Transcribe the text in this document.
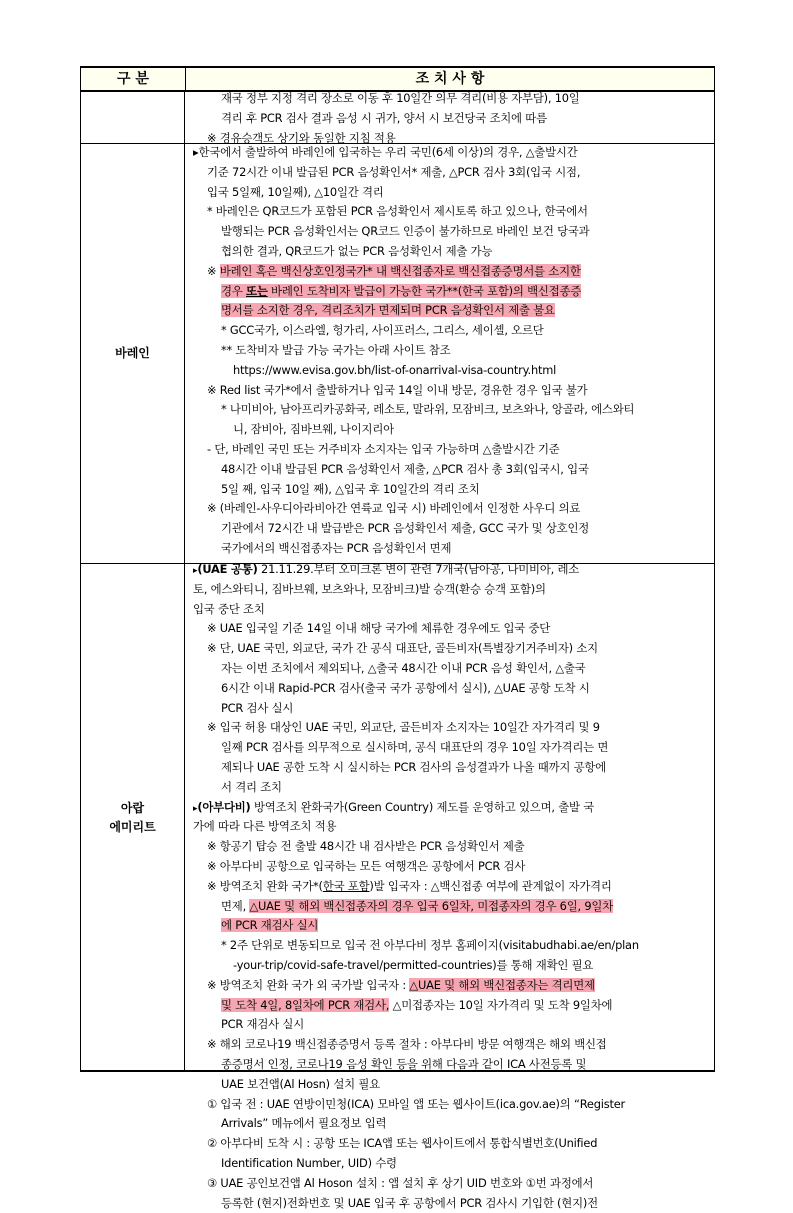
구 분	조 치 사 항
재국 정부 지정 격리 장소로 이동 후 10일간 의무 격리(비용 자부담), 10일
격리 후 PCR 검사 결과 음성 시 귀가, 양서 시 보건당국 조치에 따름
※ 경유승객도 상기와 동일한 지침 적용
바레인
▸한국에서 출발하여 바레인에 입국하는 우리 국민(6세 이상)의 경우, △출발시간
기준 72시간 이내 발급된 PCR 음성확인서* 제출, △PCR 검사 3회(입국 시점,
입국 5일째, 10일째), △10일간 격리
* 바레인은 QR코드가 포함된 PCR 음성확인서 제시토록 하고 있으나, 한국에서
발행되는 PCR 음성확인서는 QR코드 인증이 불가하므로 바레인 보건 당국과
협의한 결과, QR코드가 없는 PCR 음성확인서 제출 가능
※ 바레인 혹은 백신상호인정국가* 내 백신접종자로 백신접종증명서를 소지한
경우 또는 바레인 도착비자 발급이 가능한 국가**(한국 포함)의 백신접종증
명서를 소지한 경우, 격리조치가 면제되며 PCR 음성확인서 제출 불요
* GCC국가, 이스라엘, 헝가리, 사이프러스, 그리스, 세이셸, 오르단
** 도착비자 발급 가능 국가는 아래 사이트 참조
https://www.evisa.gov.bh/list-of-onarrival-visa-country.html
※ Red list 국가*에서 출발하거나 입국 14일 이내 방문, 경유한 경우 입국 불가
* 나미비아, 남아프리카공화국, 레소토, 말라위, 모잠비크, 보츠와나, 앙골라, 에스와티
니, 잠비아, 짐바브웨, 나이지리아
- 단, 바레인 국민 또는 거주비자 소지자는 입국 가능하며 △출발시간 기준
48시간 이내 발급된 PCR 음성확인서 제출, △PCR 검사 총 3회(입국시, 입국
5일 째, 입국 10일 째), △입국 후 10일간의 격리 조치
※ (바레인-사우디아라비아간 연륙교 입국 시) 바레인에서 인정한 사우디 의료
기관에서 72시간 내 발급받은 PCR 음성확인서 제출, GCC 국가 및 상호인정
국가에서의 백신접종자는 PCR 음성확인서 면제
아랍
에미리트
▸(UAE 공통) 21.11.29.부터 오미크론 변이 관련 7개국(남아공, 나미비아, 레소
토, 에스와티니, 짐바브웨, 보츠와나, 모잠비크)발 승객(환승 승객 포함)의
입국 중단 조치
※ UAE 입국일 기준 14일 이내 해당 국가에 체류한 경우에도 입국 중단
※ 단, UAE 국민, 외교단, 국가 간 공식 대표단, 골든비자(특별장기거주비자) 소지
자는 이번 조치에서 제외되나, △출국 48시간 이내 PCR 음성 확인서, △출국
6시간 이내 Rapid-PCR 검사(출국 국가 공항에서 실시), △UAE 공항 도착 시
PCR 검사 실시
※ 입국 허용 대상인 UAE 국민, 외교단, 골든비자 소지자는 10일간 자가격리 및 9
일째 PCR 검사를 의무적으로 실시하며, 공식 대표단의 경우 10일 자가격리는 면
제되나 UAE 공한 도착 시 실시하는 PCR 검사의 음성결과가 나올 때까지 공항에
서 격리 조치
▸(아부다비) 방역조치 완화국가(Green Country) 제도를 운영하고 있으며, 출발 국
가에 따라 다른 방역조치 적용
※ 항공기 탑승 전 출발 48시간 내 검사받은 PCR 음성확인서 제출
※ 아부다비 공항으로 입국하는 모든 여행객은 공항에서 PCR 검사
※ 방역조치 완화 국가*(한국 포함)발 입국자 : △백신접종 여부에 관계없이 자가격리
면제, △UAE 및 해외 백신접종자의 경우 입국 6일차, 미접종자의 경우 6일, 9일차
에 PCR 재검사 실시
* 2주 단위로 변동되므로 입국 전 아부다비 정부 홈페이지(visitabudhabi.ae/en/plan
-your-trip/covid-safe-travel/permitted-countries)를 통해 재확인 필요
※ 방역조치 완화 국가 외 국가발 입국자 : △UAE 및 해외 백신접종자는 격리면제
및 도착 4일, 8일차에 PCR 재검사, △미접종자는 10일 자가격리 및 도착 9일차에
PCR 재검사 실시
※ 해외 코로나19 백신접종증명서 등록 절차 : 아부다비 방문 여행객은 해외 백신접
종증명서 인정, 코로나19 음성 확인 등을 위해 다음과 같이 ICA 사전등록 및
UAE 보건앱(Al Hosn) 설치 필요
① 입국 전 : UAE 연방이민청(ICA) 모바일 앱 또는 웹사이트(ica.gov.ae)의 “Register
Arrivals” 메뉴에서 필요정보 입력
② 아부다비 도착 시 : 공항 또는 ICA앱 또는 웹사이트에서 통합식별번호(Unified
Identification Number, UID) 수령
③ UAE 공인보건앱 Al Hoson 설치 : 앱 설치 후 상기 UID 번호와 ①번 과정에서
등록한 (현지)전화번호 및 UAE 입국 후 공항에서 PCR 검사시 기입한 (현지)전
